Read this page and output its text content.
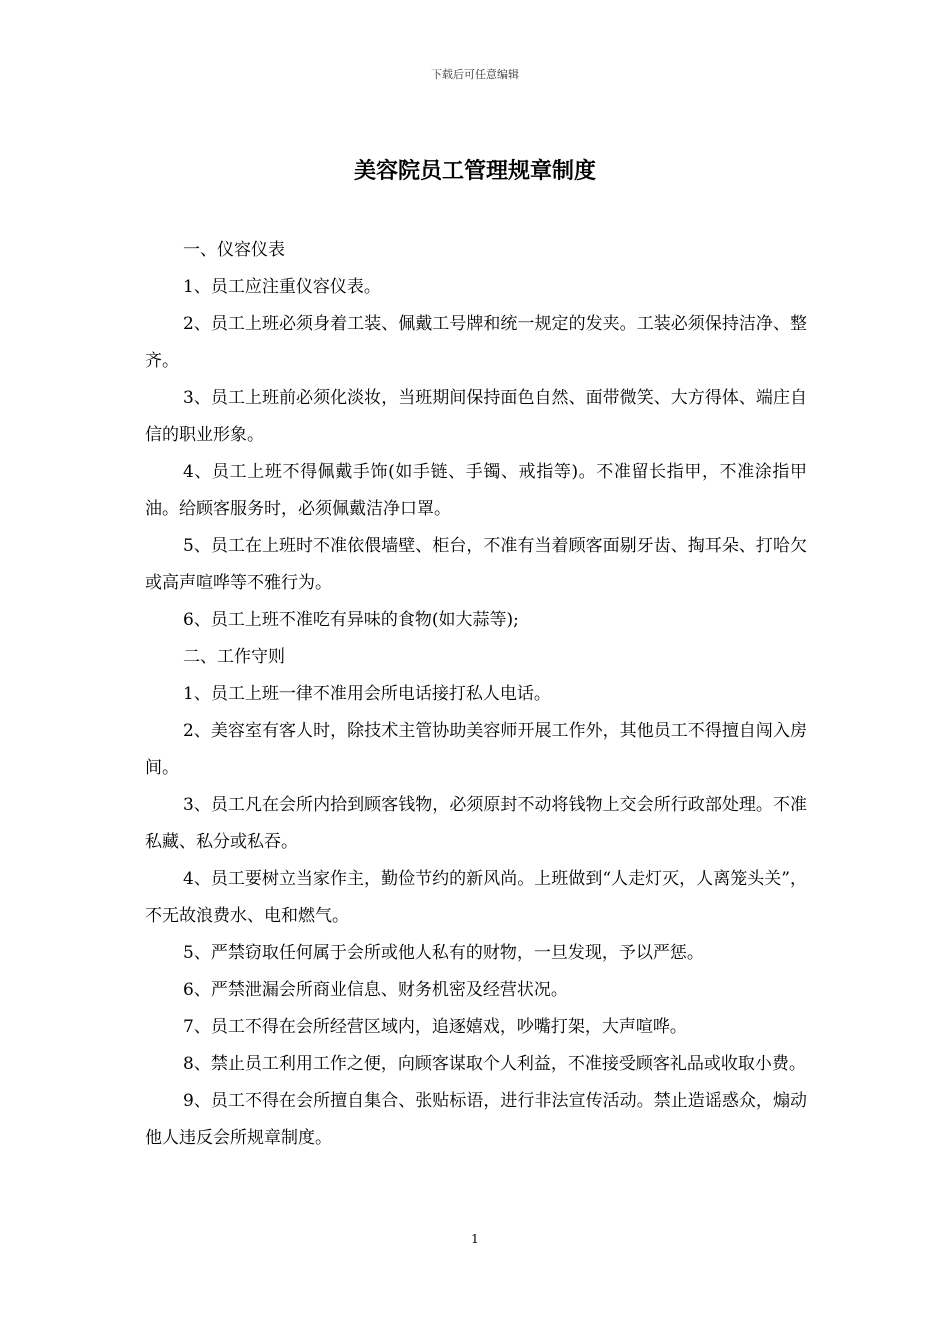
下载后可任意编辑
美容院员工管理规章制度

一、仪容仪表

1、员工应注重仪容仪表。

2、员工上班必须身着工装、佩戴工号牌和统一规定的发夹。工装必须保持洁净、整齐。

3、员工上班前必须化淡妆，当班期间保持面色自然、面带微笑、大方得体、端庄自信的职业形象。

4、员工上班不得佩戴手饰(如手链、手镯、戒指等)。不准留长指甲，不准涂指甲油。给顾客服务时，必须佩戴洁净口罩。

5、员工在上班时不准依偎墙壁、柜台，不准有当着顾客面剔牙齿、掏耳朵、打哈欠或高声喧哗等不雅行为。

6、员工上班不准吃有异味的食物(如大蒜等);

二、工作守则

1、员工上班一律不准用会所电话接打私人电话。

2、美容室有客人时，除技术主管协助美容师开展工作外，其他员工不得擅自闯入房间。

3、员工凡在会所内拾到顾客钱物，必须原封不动将钱物上交会所行政部处理。不准私藏、私分或私吞。

4、员工要树立当家作主，勤俭节约的新风尚。上班做到“人走灯灭，人离笼头关”，不无故浪费水、电和燃气。

5、严禁窃取任何属于会所或他人私有的财物，一旦发现，予以严惩。

6、严禁泄漏会所商业信息、财务机密及经营状况。

7、员工不得在会所经营区域内，追逐嬉戏，吵嘴打架，大声喧哗。

8、禁止员工利用工作之便，向顾客谋取个人利益，不准接受顾客礼品或收取小费。

9、员工不得在会所擅自集合、张贴标语，进行非法宣传活动。禁止造谣惑众，煽动他人违反会所规章制度。

1
